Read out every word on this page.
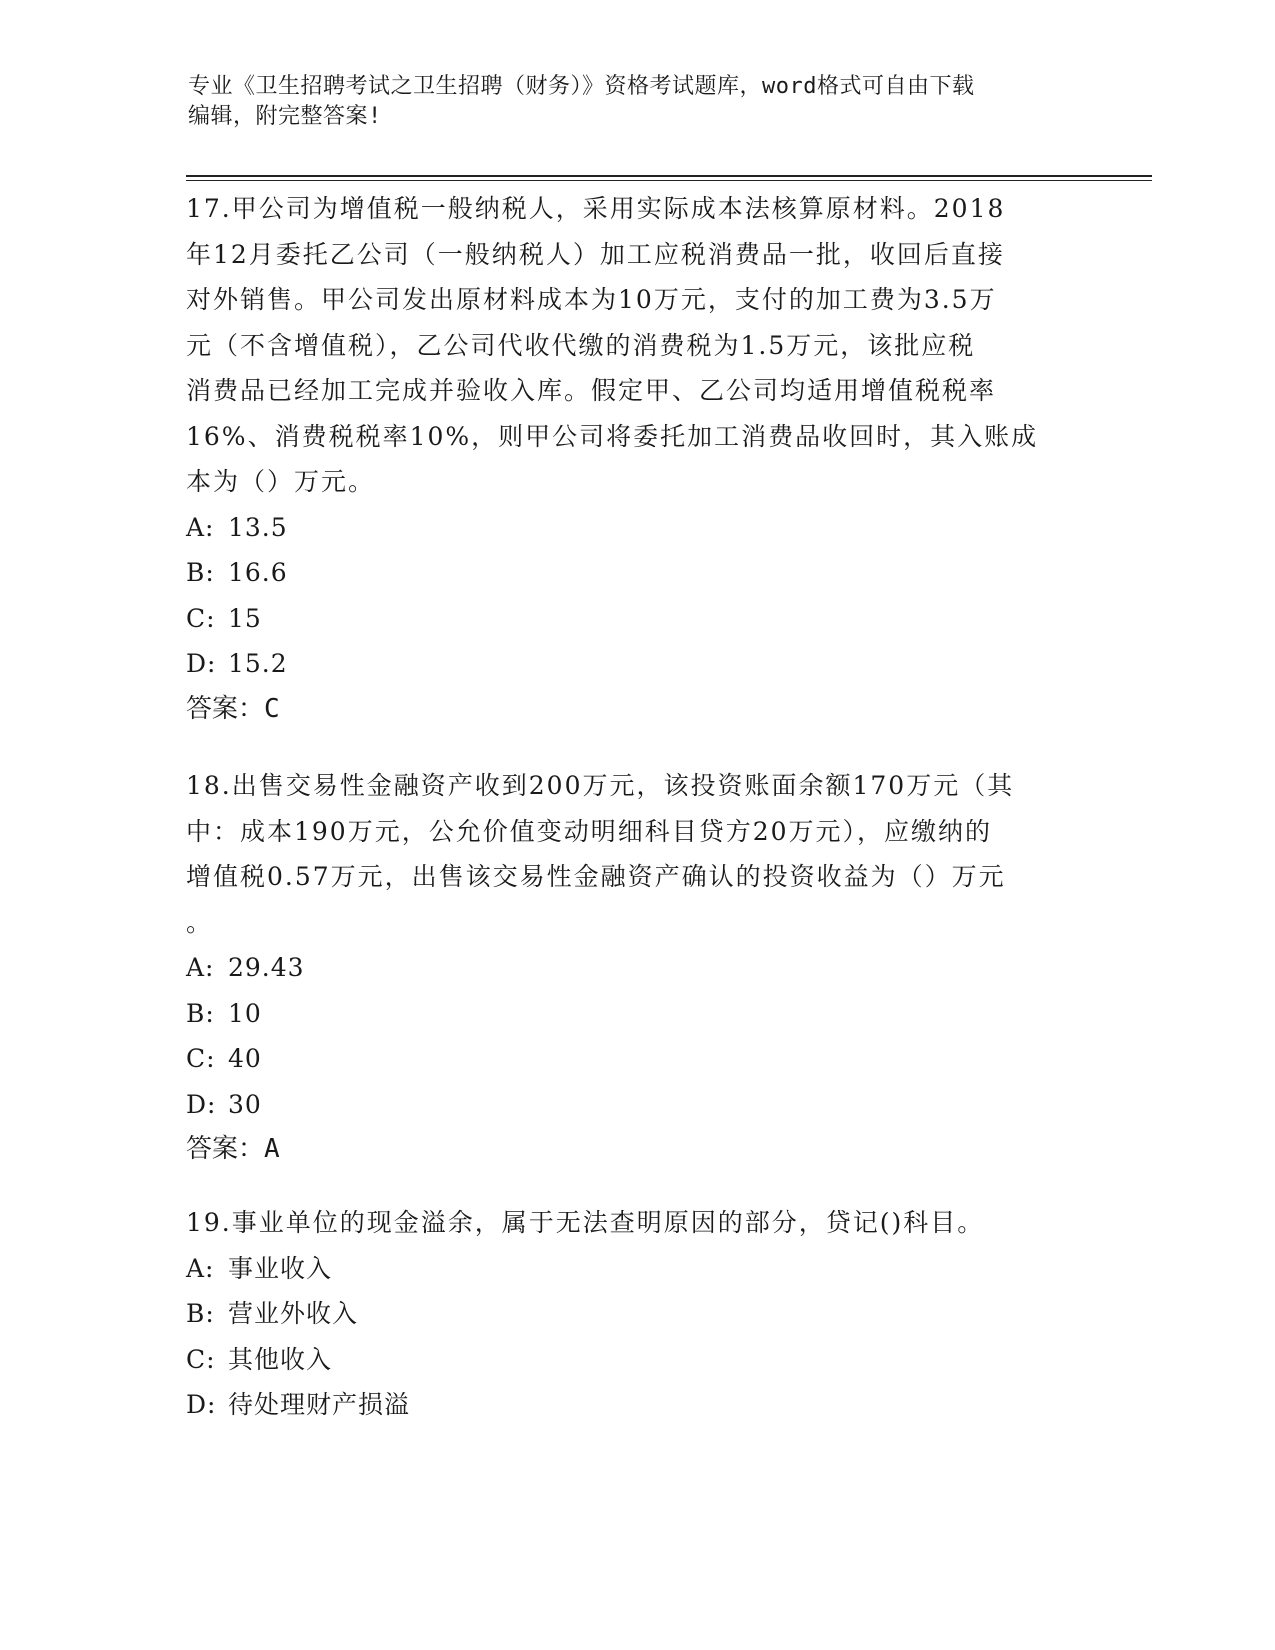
专业《卫生招聘考试之卫生招聘（财务）》资格考试题库，word格式可自由下载
编辑，附完整答案!

17.甲公司为增值税一般纳税人，采用实际成本法核算原材料。2018

年12月委托乙公司（一般纳税人）加工应税消费品一批，收回后直接

对外销售。甲公司发出原材料成本为10万元，支付的加工费为3.5万

元（不含增值税），乙公司代收代缴的消费税为1.5万元，该批应税

消费品已经加工完成并验收入库。假定甲、乙公司均适用增值税税率

16%、消费税税率10%，则甲公司将委托加工消费品收回时，其入账成

本为（）万元。

A: 13.5

B: 16.6

C: 15

D: 15.2

答案：C

18.出售交易性金融资产收到200万元，该投资账面余额170万元（其

中：成本190万元，公允价值变动明细科目贷方20万元），应缴纳的

增值税0.57万元，出售该交易性金融资产确认的投资收益为（）万元

。

A: 29.43

B: 10

C: 40

D: 30

答案：A

19.事业单位的现金溢余，属于无法查明原因的部分，贷记()科目。

A: 事业收入

B: 营业外收入

C: 其他收入

D: 待处理财产损溢
